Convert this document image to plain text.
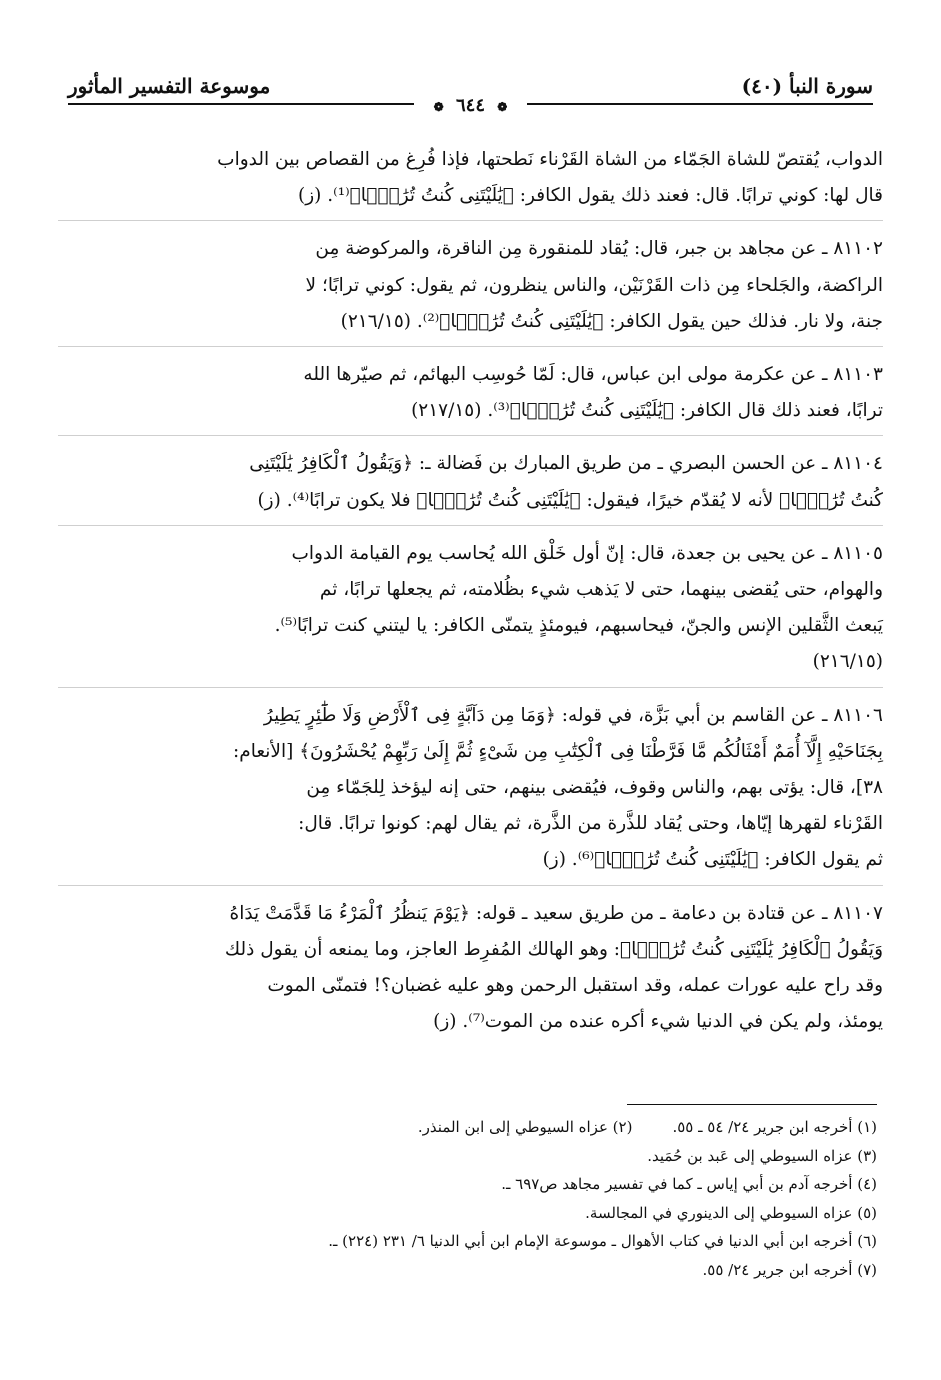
سورة النبأ (٤٠)
موسوعة التفسير المأثور
❁ ٦٤٤ ❁
الدواب، يُقتصّ للشاة الجَمّاء من الشاة القَرْناء نَطحتها، فإذا فُرِغ من القصاص بين الدواب
قال لها: كوني ترابًا. قال: فعند ذلك يقول الكافر: ﴿يَٰلَيْتَنِى كُنتُ تُرَٰبًۢا﴾⁽¹⁾. (ز)
٨١١٠٢ ـ عن مجاهد بن جبر، قال: يُقاد للمنقورة مِن الناقرة، والمركوضة مِن
الراكضة، والجَلحاء مِن ذات القَرْنَيْن، والناس ينظرون، ثم يقول: كوني ترابًا؛ لا
جنة، ولا نار. فذلك حين يقول الكافر: ﴿يَٰلَيْتَنِى كُنتُ تُرَٰبًۢا﴾⁽²⁾. (٢١٦/١٥)
٨١١٠٣ ـ عن عكرمة مولى ابن عباس، قال: لَمّا حُوسِب البهائم، ثم صيّرها الله
ترابًا، فعند ذلك قال الكافر: ﴿يَٰلَيْتَنِى كُنتُ تُرَٰبًۢا﴾⁽³⁾. (٢١٧/١٥)
٨١١٠٤ ـ عن الحسن البصري ـ من طريق المبارك بن فَضالة ـ: ﴿وَيَقُولُ ٱلْكَافِرُ يَٰلَيْتَنِى
كُنتُ تُرَٰبًۢا﴾ لأنه لا يُقدّم خيرًا، فيقول: ﴿يَٰلَيْتَنِى كُنتُ تُرَٰبًۢا﴾ فلا يكون ترابًا⁽⁴⁾. (ز)
٨١١٠٥ ـ عن يحيى بن جعدة، قال: إنّ أول خَلْق الله يُحاسب يوم القيامة الدواب
والهوام، حتى يُقضى بينهما، حتى لا يَذهب شيء بظُلامته، ثم يجعلها ترابًا، ثم
يَبعث الثَّقلين الإنس والجنّ، فيحاسبهم، فيومئذٍ يتمنّى الكافر: يا ليتني كنت ترابًا⁽⁵⁾.
(٢١٦/١٥)
٨١١٠٦ ـ عن القاسم بن أبي بَزَّة، في قوله: ﴿وَمَا مِن دَآبَّةٍ فِى ٱلْأَرْضِ وَلَا طَٰٓئِرٍ يَطِيرُ
بِجَنَاحَيْهِ إِلَّآ أُمَمٌ أَمْثَالُكُم مَّا فَرَّطْنَا فِى ٱلْكِتَٰبِ مِن شَىْءٍ ثُمَّ إِلَىٰ رَبِّهِمْ يُحْشَرُونَ﴾ [الأنعام:
٣٨]، قال: يؤتى بهم، والناس وقوف، فيُقضى بينهم، حتى إنه ليؤخذ لِلجَمّاء مِن
القَرْناء لقهرها إيّاها، وحتى يُقاد للذَّرة من الذَّرة، ثم يقال لهم: كونوا ترابًا. قال:
ثم يقول الكافر: ﴿يَٰلَيْتَنِى كُنتُ تُرَٰبًۢا﴾⁽⁶⁾. (ز)
٨١١٠٧ ـ عن قتادة بن دعامة ـ من طريق سعيد ـ قوله: ﴿يَوْمَ يَنظُرُ ٱلْمَرْءُ مَا قَدَّمَتْ يَدَاهُ
وَيَقُولُ ٱلْكَافِرُ يَٰلَيْتَنِى كُنتُ تُرَٰبًۢا﴾: وهو الهالك المُفرِط العاجز، وما يمنعه أن يقول ذلك
وقد راح عليه عورات عمله، وقد استقبل الرحمن وهو عليه غضبان؟! فتمنّى الموت
يومئذ، ولم يكن في الدنيا شيء أكره عنده من الموت⁽⁷⁾. (ز)
(١) أخرجه ابن جرير ٢٤/ ٥٤ ـ ٥٥.
(٢) عزاه السيوطي إلى ابن المنذر.
(٣) عزاه السيوطي إلى عَبد بن حُمَيد.
(٤) أخرجه آدم بن أبي إياس ـ كما في تفسير مجاهد ص٦٩٧ ـ.
(٥) عزاه السيوطي إلى الدينوري في المجالسة.
(٦) أخرجه ابن أبي الدنيا في كتاب الأهوال ـ موسوعة الإمام ابن أبي الدنيا ٦/ ٢٣١ (٢٢٤) ـ.
(٧) أخرجه ابن جرير ٢٤/ ٥٥.
